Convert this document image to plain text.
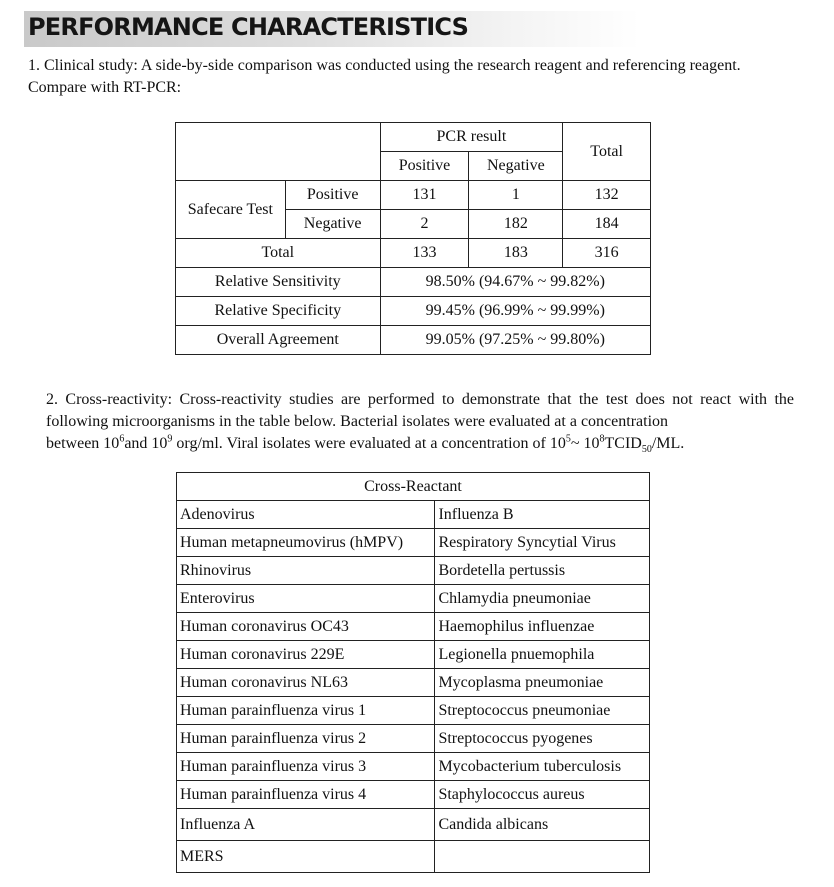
PERFORMANCE CHARACTERISTICS

1. Clinical study: A side-by-side comparison was conducted using the research reagent and referencing reagent.
Compare with RT-PCR:

		PCR result		Total
		Positive	Negative	
Safecare Test	Positive	131	1	132
	Negative	2	182	184
Total		133	183	316
Relative Sensitivity		98.50% (94.67% ~ 99.82%)		
Relative Specificity		99.45% (96.99% ~ 99.99%)		
Overall Agreement		99.05% (97.25% ~ 99.80%)		

2. Cross-reactivity: Cross-reactivity studies are performed to demonstrate that the test does not react with the following microorganisms in the table below. Bacterial isolates were evaluated at a concentration
between $10^6and$ $10^9$ org/ml. Viral isolates were evaluated at a concentration of $10^5\sim$ $10^8TCID_{50}/ML$.

Cross-Reactant	
Adenovirus	Influenza B
Human metapneumovirus (hMPV)	Respiratory Syncytial Virus
Rhinovirus	Bordetella pertussis
Enterovirus	Chlamydia pneumoniae
Human coronavirus OC43	Haemophilus influenzae
Human coronavirus 229E	Legionella pnuemophila
Human coronavirus NL63	Mycoplasma pneumoniae
Human parainfluenza virus 1	Streptococcus pneumoniae
Human parainfluenza virus 2	Streptococcus pyogenes
Human parainfluenza virus 3	Mycobacterium tuberculosis
Human parainfluenza virus 4	Staphylococcus aureus
Influenza A	Candida albicans
MERS	
